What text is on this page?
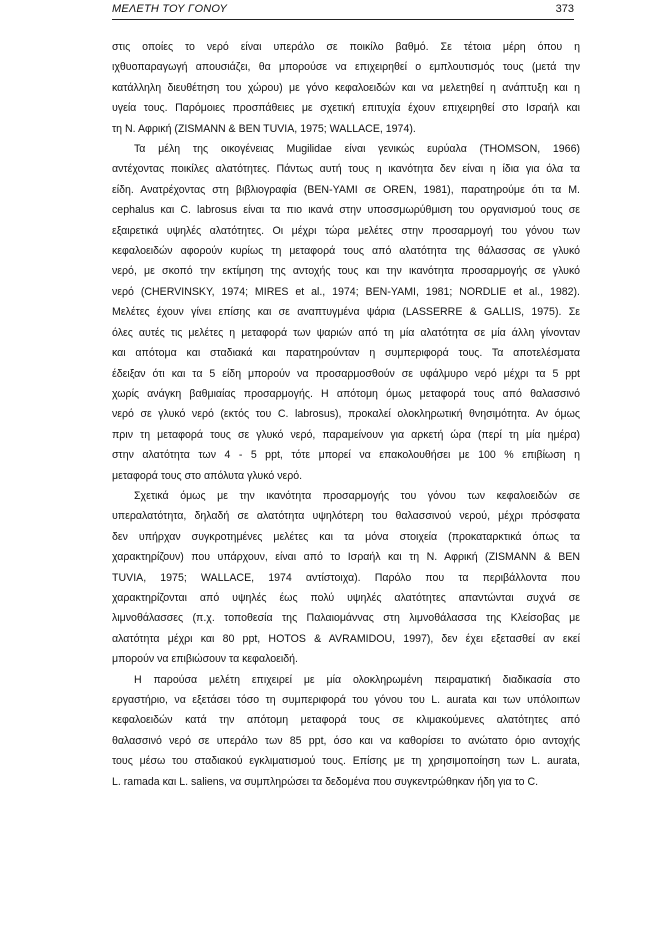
ΜΕΛΕΤΗ ΤΟΥ ΓΟΝΟΥ	373
στις οποίες το νερό είναι υπεράλο σε ποικίλο βαθμό. Σε τέτοια μέρη όπου η
ιχθυοπαραγωγή απουσιάζει, θα μπορούσε να επιχειρηθεί ο εμπλουτισμός τους (μετά την
κατάλληλη διευθέτηση του χώρου) με γόνο κεφαλοειδών και να μελετηθεί η ανάπτυξη και η
υγεία τους. Παρόμοιες προσπάθειες με σχετική επιτυχία έχουν επιχειρηθεί στο Ισραήλ και
τη Ν. Αφρική (ZISMANN & BEN TUVIA, 1975; WALLACE, 1974).
Τα μέλη της οικογένειας Mugilidae είναι γενικώς ευρύαλα (THOMSON, 1966)
αντέχοντας ποικίλες αλατότητες. Πάντως αυτή τους η ικανότητα δεν είναι η ίδια για όλα τα
είδη. Ανατρέχοντας στη βιβλιογραφία (BEN-YAMI σε OREN, 1981), παρατηρούμε ότι τα M.
cephalus και C. labrosus είναι τα πιο ικανά στην υποσσμωρύθμιση του οργανισμού τους σε
εξαιρετικά υψηλές αλατότητες. Οι μέχρι τώρα μελέτες στην προσαρμογή του γόνου των
κεφαλοειδών αφορούν κυρίως τη μεταφορά τους από αλατότητα της θάλασσας σε γλυκό
νερό, με σκοπό την εκτίμηση της αντοχής τους και την ικανότητα προσαρμογής σε γλυκό
νερό (CHERVINSKY, 1974; MIRES et al., 1974; BEN-YAMI, 1981; NORDLIE et al., 1982).
Μελέτες έχουν γίνει επίσης και σε αναπτυγμένα ψάρια (LASSERRE & GALLIS, 1975). Σε
όλες αυτές τις μελέτες η μεταφορά των ψαριών από τη μία αλατότητα σε μία άλλη γίνονταν
και απότομα και σταδιακά και παρατηρούνταν η συμπεριφορά τους. Τα αποτελέσματα
έδειξαν ότι και τα 5 είδη μπορούν να προσαρμοσθούν σε υφάλμυρο νερό μέχρι τα 5 ppt
χωρίς ανάγκη βαθμιαίας προσαρμογής. Η απότομη όμως μεταφορά τους από θαλασσινό
νερό σε γλυκό νερό (εκτός του C. labrosus), προκαλεί ολοκληρωτική θνησιμότητα. Αν όμως
πριν τη μεταφορά τους σε γλυκό νερό, παραμείνουν για αρκετή ώρα (περί τη μία ημέρα)
στην αλατότητα των 4 - 5 ppt, τότε μπορεί να επακολουθήσει με 100 % επιβίωση η
μεταφορά τους στο απόλυτα γλυκό νερό.
Σχετικά όμως με την ικανότητα προσαρμογής του γόνου των κεφαλοειδών σε
υπεραλατότητα, δηλαδή σε αλατότητα υψηλότερη του θαλασσινού νερού, μέχρι πρόσφατα
δεν υπήρχαν συγκροτημένες μελέτες και τα μόνα στοιχεία (προκαταρκτικά όπως τα
χαρακτηρίζουν) που υπάρχουν, είναι από το Ισραήλ και τη Ν. Αφρική (ZISMANN & BEN
TUVIA, 1975; WALLACE, 1974 αντίστοιχα). Παρόλο που τα περιβάλλοντα που
χαρακτηρίζονται από υψηλές έως πολύ υψηλές αλατότητες απαντώνται συχνά σε
λιμνοθάλασσες (π.χ. τοποθεσία της Παλαιομάννας στη λιμνοθάλασσα της Κλείσοβας με
αλατότητα μέχρι και 80 ppt, HOTOS & AVRAMIDOU, 1997), δεν έχει εξετασθεί αν εκεί
μπορούν να επιβιώσουν τα κεφαλοειδή.
Η παρούσα μελέτη επιχειρεί με μία ολοκληρωμένη πειραματική διαδικασία στο
εργαστήριο, να εξετάσει τόσο τη συμπεριφορά του γόνου του L. aurata και των υπόλοιπων
κεφαλοειδών κατά την απότομη μεταφορά τους σε κλιμακούμενες αλατότητες από
θαλασσινό νερό σε υπεράλο των 85 ppt, όσο και να καθορίσει το ανώτατο όριο αντοχής
τους μέσω του σταδιακού εγκλιματισμού τους. Επίσης με τη χρησιμοποίηση των L. aurata,
L. ramada και L. saliens, να συμπληρώσει τα δεδομένα που συγκεντρώθηκαν ήδη για το C.
